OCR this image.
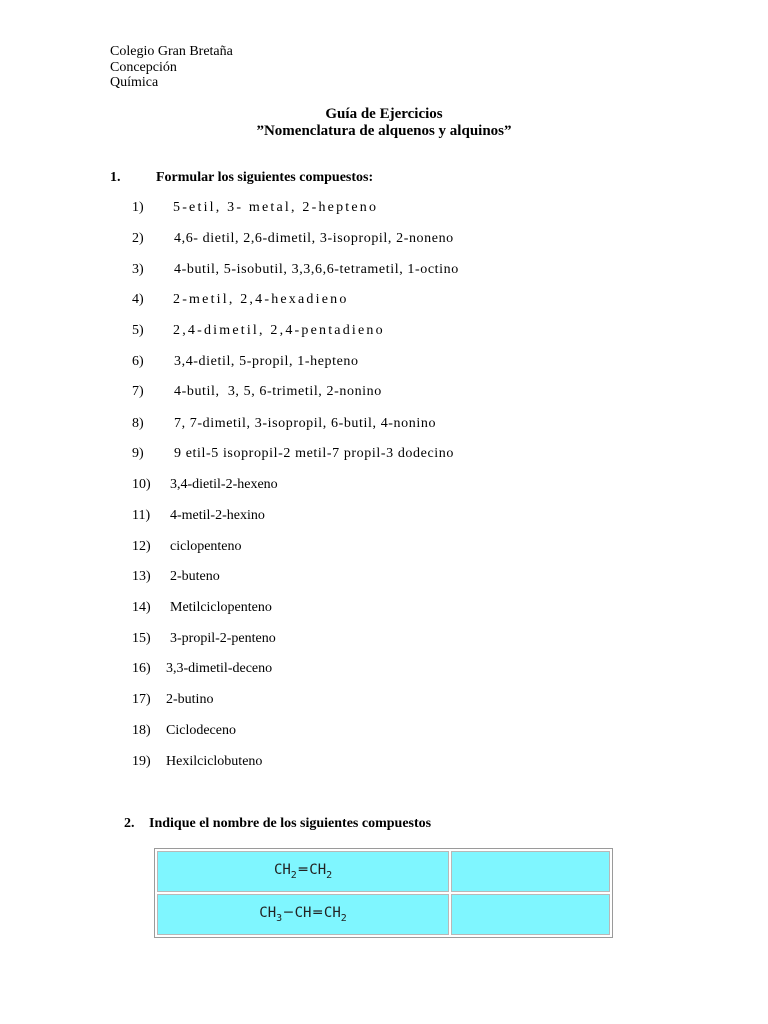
Colegio Gran Bretaña
Concepción
Química
Guía de Ejercicios
”Nomenclatura de alquenos y alquinos”
1.	Formular los siguientes compuestos:
1) 5-etil, 3- metal, 2-hepteno
2) 4,6- dietil, 2,6-dimetil, 3-isopropil, 2-noneno
3) 4-butil, 5-isobutil, 3,3,6,6-tetrametil, 1-octino
4) 2-metil, 2,4-hexadieno
5) 2,4-dimetil, 2,4-pentadieno
6) 3,4-dietil, 5-propil, 1-hepteno
7) 4-butil,  3, 5, 6-trimetil, 2-nonino
8) 7, 7-dimetil, 3-isopropil, 6-butil, 4-nonino
9) 9 etil-5 isopropil-2 metil-7 propil-3 dodecino
10) 3,4-dietil-2-hexeno
11) 4-metil-2-hexino
12) ciclopenteno
13) 2-buteno
14) Metilciclopenteno
15) 3-propil-2-penteno
16) 3,3-dimetil-deceno
17) 2-butino
18) Ciclodeceno
19) Hexilciclobuteno
2. Indique el nombre de los siguientes compuestos
$CH_2$ ═ $CH_2$	
$CH_3$ ─ CH ═ $CH_2$	
